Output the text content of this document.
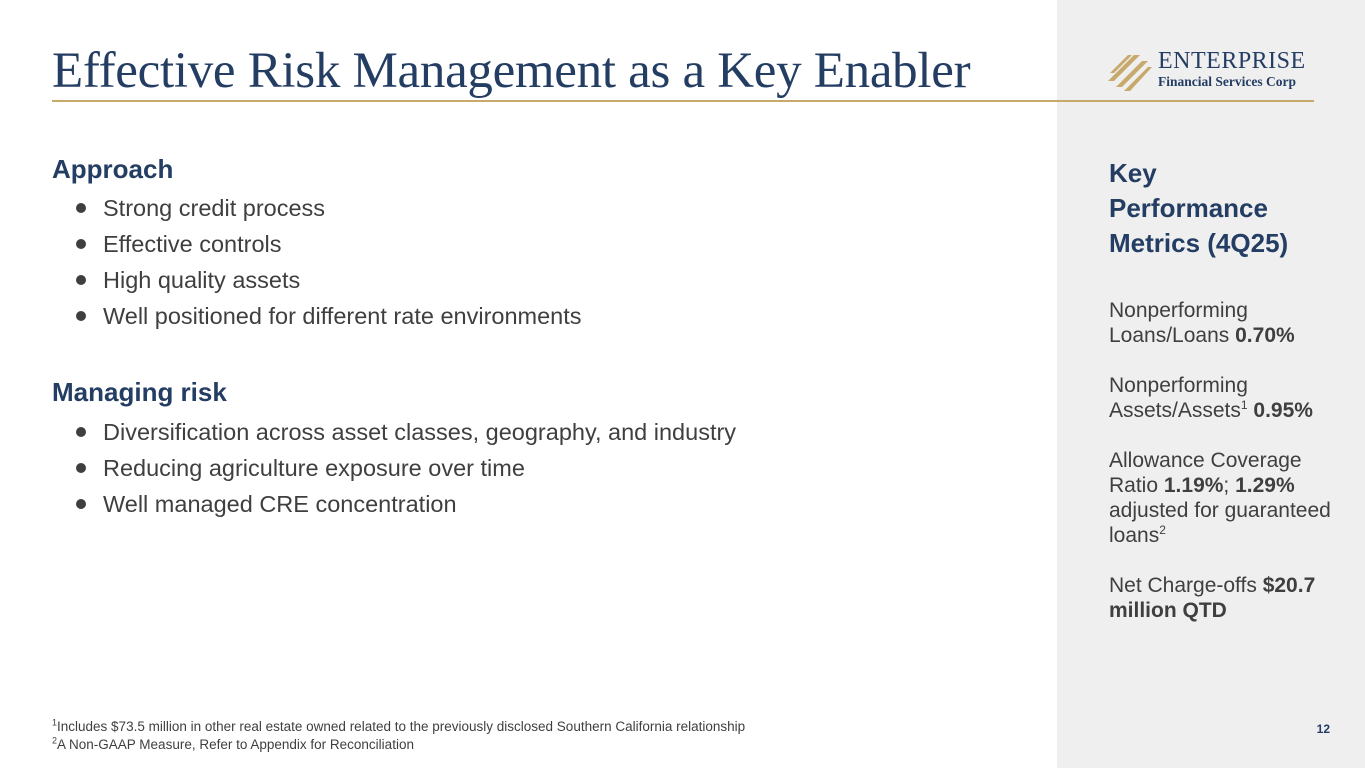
Effective Risk Management as a Key Enabler	ENTERPRISE
Financial Services Corp
Approach
Strong credit process
Effective controls
High quality assets
Well positioned for different rate environments
Managing risk
Diversification across asset classes, geography, and industry
Reducing agriculture exposure over time
Well managed CRE concentration
Key Performance Metrics (4Q25)
Nonperforming Loans/Loans 0.70%
Nonperforming Assets/Assets$^1$ 0.95%
Allowance Coverage Ratio 1.19%; 1.29% adjusted for guaranteed loans$^2$
Net Charge-offs $20.7 million QTD
$^1$Includes $73.5 million in other real estate owned related to the previously disclosed Southern California relationship
$^2$A Non-GAAP Measure, Refer to Appendix for Reconciliation
12
